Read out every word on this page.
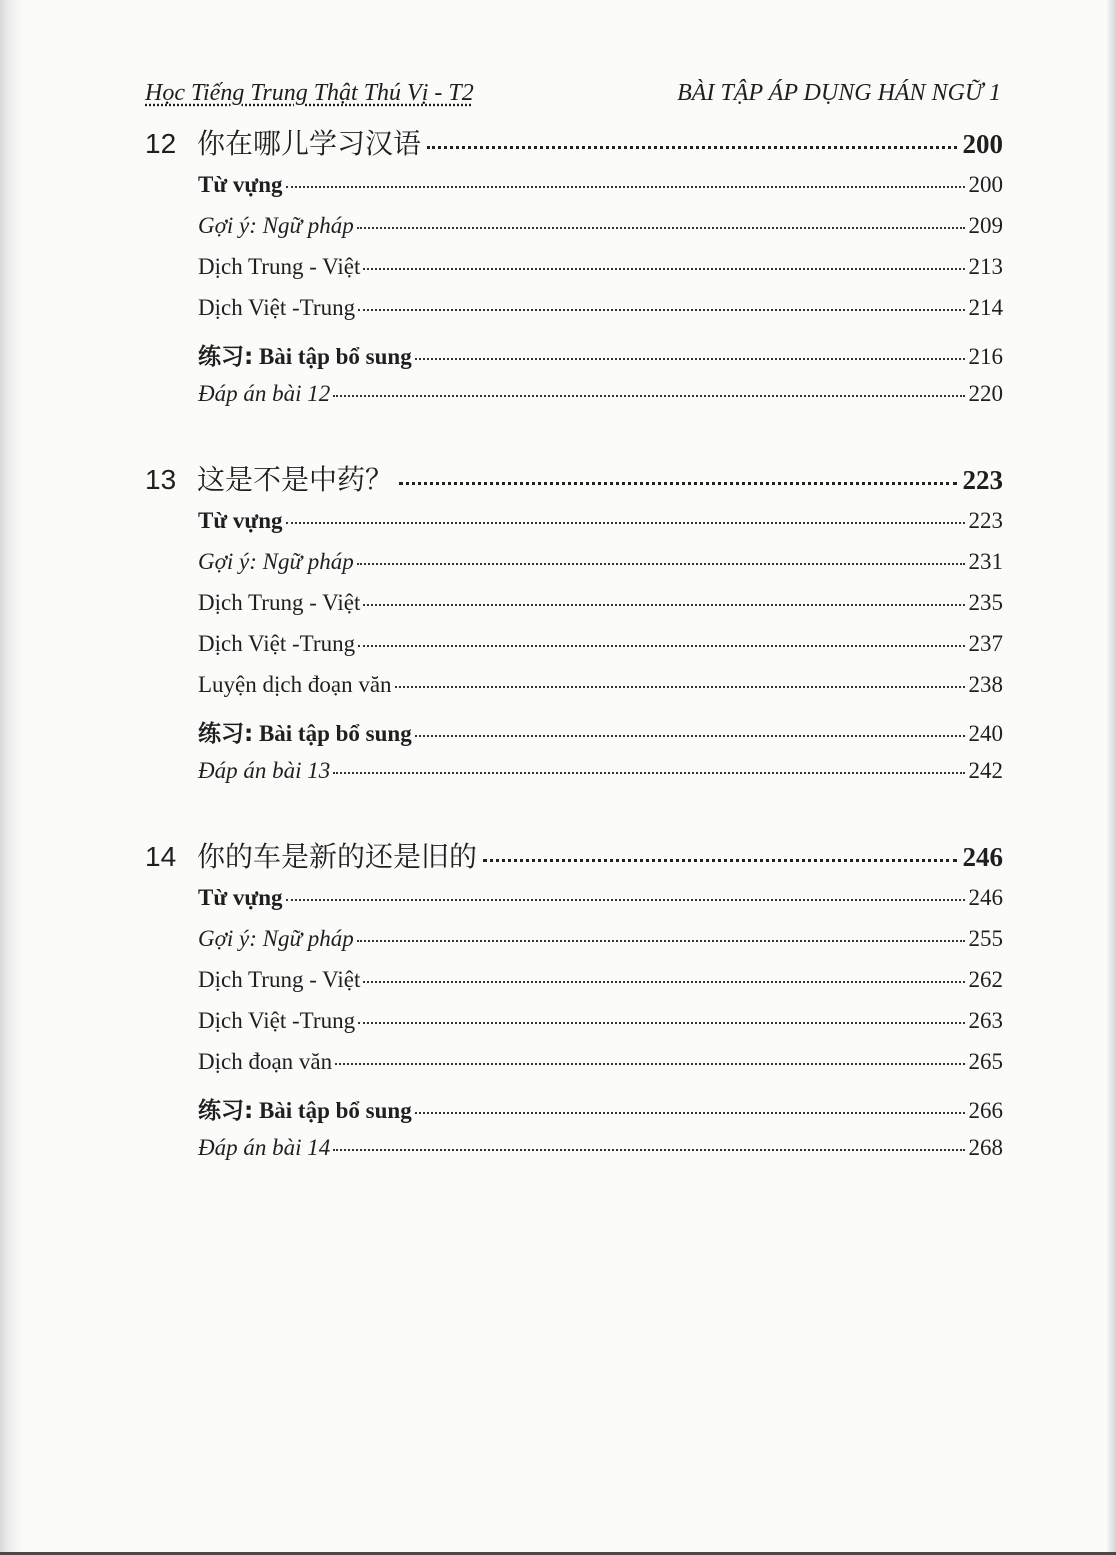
Học Tiếng Trung Thật Thú Vị - T2	BÀI TẬP ÁP DỤNG HÁN NGỮ 1
12 你在哪儿学习汉语	200
Từ vựng	200
Gợi ý: Ngữ pháp	209
Dịch Trung - Việt	213
Dịch Việt -Trung	214
练习: Bài tập bổ sung	216
Đáp án bài 12	220
13 这是不是中药？	223
Từ vựng	223
Gợi ý: Ngữ pháp	231
Dịch Trung - Việt	235
Dịch Việt -Trung	237
Luyện dịch đoạn văn	238
练习: Bài tập bổ sung	240
Đáp án bài 13	242
14 你的车是新的还是旧的	246
Từ vựng	246
Gợi ý: Ngữ pháp	255
Dịch Trung - Việt	262
Dịch Việt -Trung	263
Dịch đoạn văn	265
练习: Bài tập bổ sung	266
Đáp án bài 14	268
